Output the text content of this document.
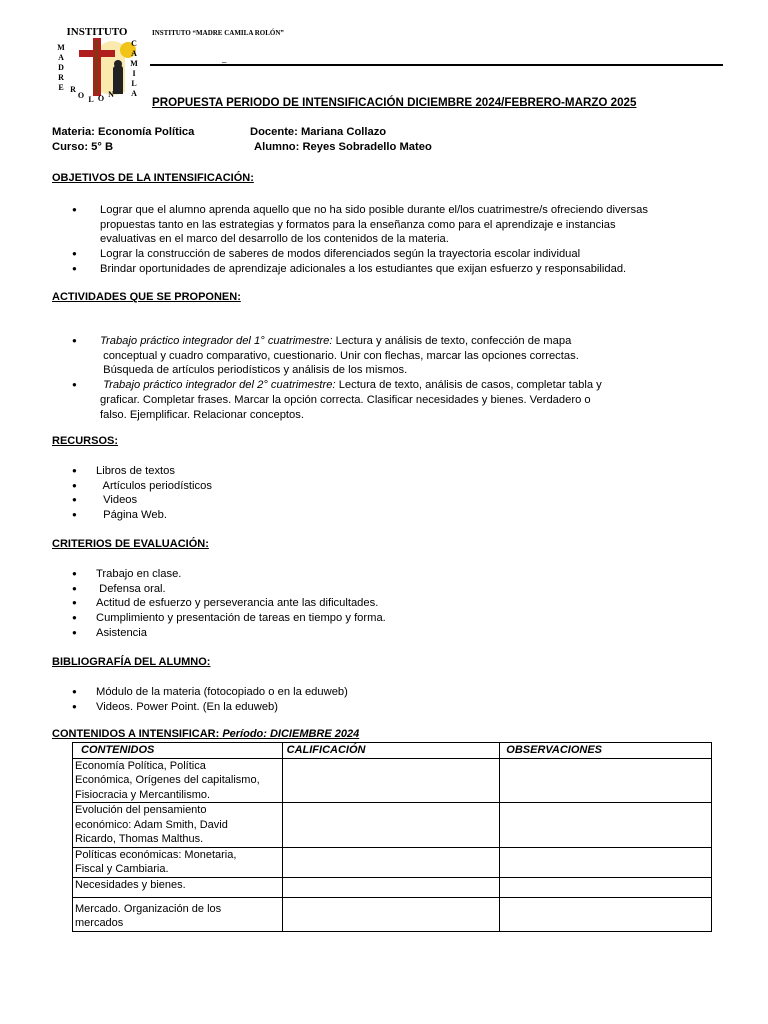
INSTITUTO
M
A
D
R
E R
O L O N
C
A
M
I
L
A
INSTITUTO “MADRE CAMILA ROLÓN”
_
PROPUESTA PERIODO DE INTENSIFICACIÓN DICIEMBRE 2024/FEBRERO-MARZO 2025
Materia: Economía Política	Docente: Mariana Collazo
Curso: 5° B	Alumno: Reyes Sobradello Mateo
OBJETIVOS DE LA INTENSIFICACIÓN:
● Lograr que el alumno aprenda aquello que no ha sido posible durante el/los cuatrimestre/s ofreciendo diversas
propuestas tanto en las estrategias y formatos para la enseñanza como para el aprendizaje e instancias
evaluativas en el marco del desarrollo de los contenidos de la materia.
● Lograr la construcción de saberes de modos diferenciados según la trayectoria escolar individual
● Brindar oportunidades de aprendizaje adicionales a los estudiantes que exijan esfuerzo y responsabilidad.
ACTIVIDADES QUE SE PROPONEN:
● Trabajo práctico integrador del 1° cuatrimestre: Lectura y análisis de texto, confección de mapa
conceptual y cuadro comparativo, cuestionario. Unir con flechas, marcar las opciones correctas.
Búsqueda de artículos periodísticos y análisis de los mismos.
●  Trabajo práctico integrador del 2° cuatrimestre: Lectura de texto, análisis de casos, completar tabla y
graficar. Completar frases. Marcar la opción correcta. Clasificar necesidades y bienes. Verdadero o
falso. Ejemplificar. Relacionar conceptos.
RECURSOS:
● Libros de textos
●  Artículos periodísticos
●  Videos
●  Página Web.
CRITERIOS DE EVALUACIÓN:
● Trabajo en clase.
●  Defensa oral.
● Actitud de esfuerzo y perseverancia ante las dificultades.
● Cumplimiento y presentación de tareas en tiempo y forma.
● Asistencia
BIBLIOGRAFÍA DEL ALUMNO:
● Módulo de la materia (fotocopiado o en la eduweb)
● Videos. Power Point. (En la eduweb)
CONTENIDOS A INTENSIFICAR: Período: DICIEMBRE 2024
CONTENIDOS	CALIFICACIÓN	OBSERVACIONES

Economía Política, Política
Económica, Orígenes del capitalismo,
Fisiocracia y Mercantilismo.		

Evolución del pensamiento
económico: Adam Smith, David
Ricardo, Thomas Malthus.		

Políticas económicas: Monetaria,
Fiscal y Cambiaria.		

Necesidades y bienes.		

Mercado. Organización de los
mercados		
